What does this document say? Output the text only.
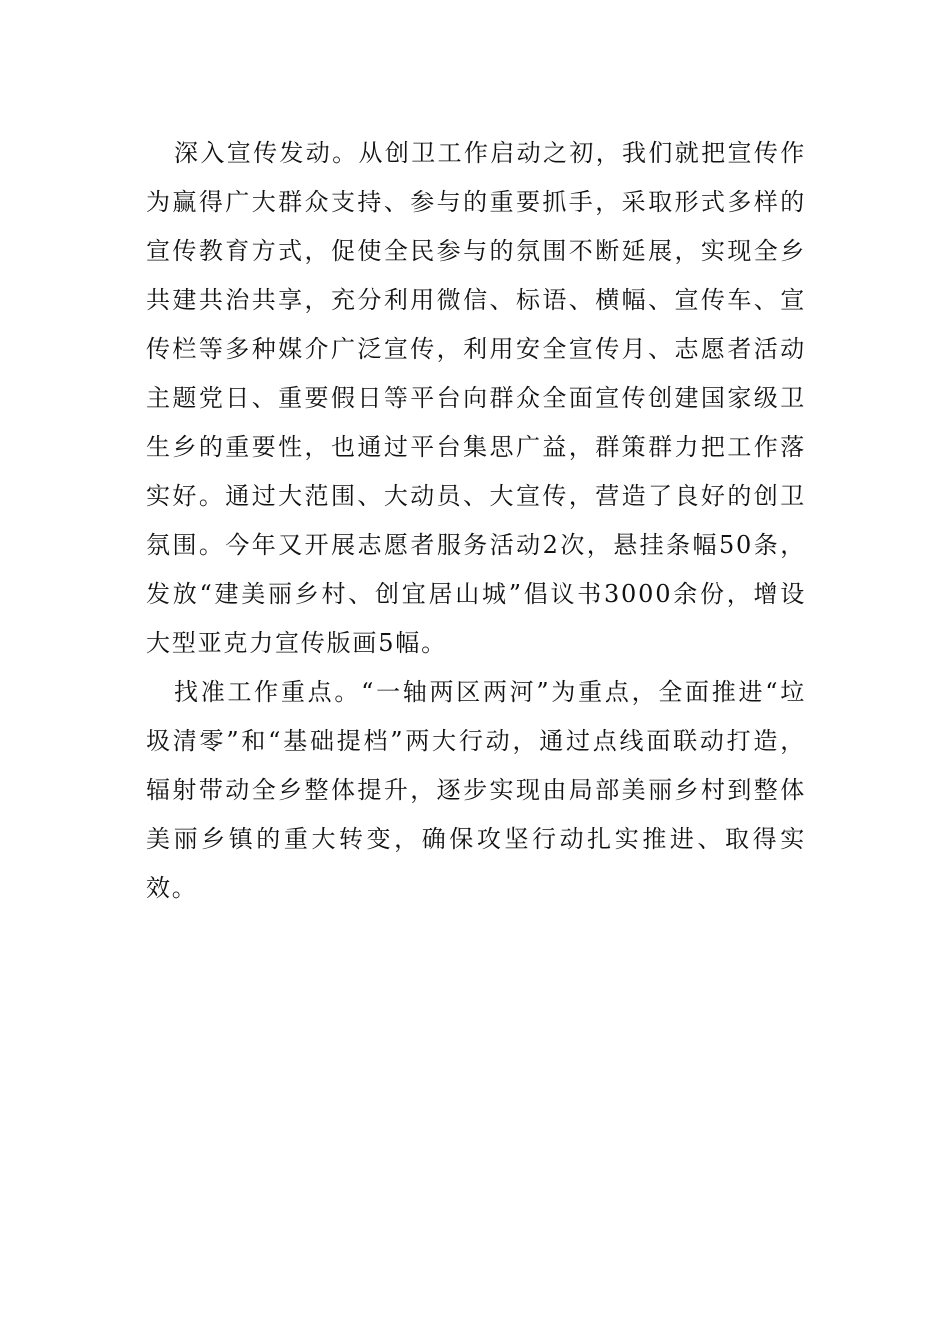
深入宣传发动。从创卫工作启动之初，我们就把宣传作为赢得广大群众支持、参与的重要抓手，采取形式多样的宣传教育方式，促使全民参与的氛围不断延展，实现全乡共建共治共享，充分利用微信、标语、横幅、宣传车、宣传栏等多种媒介广泛宣传，利用安全宣传月、志愿者活动主题党日、重要假日等平台向群众全面宣传创建国家级卫生乡的重要性，也通过平台集思广益，群策群力把工作落实好。通过大范围、大动员、大宣传，营造了良好的创卫氛围。今年又开展志愿者服务活动2次，悬挂条幅50条，发放“建美丽乡村、创宜居山城”倡议书3000余份，增设大型亚克力宣传版画5幅。

找准工作重点。“一轴两区两河”为重点，全面推进“垃圾清零”和“基础提档”两大行动，通过点线面联动打造，辐射带动全乡整体提升，逐步实现由局部美丽乡村到整体美丽乡镇的重大转变，确保攻坚行动扎实推进、取得实效。
